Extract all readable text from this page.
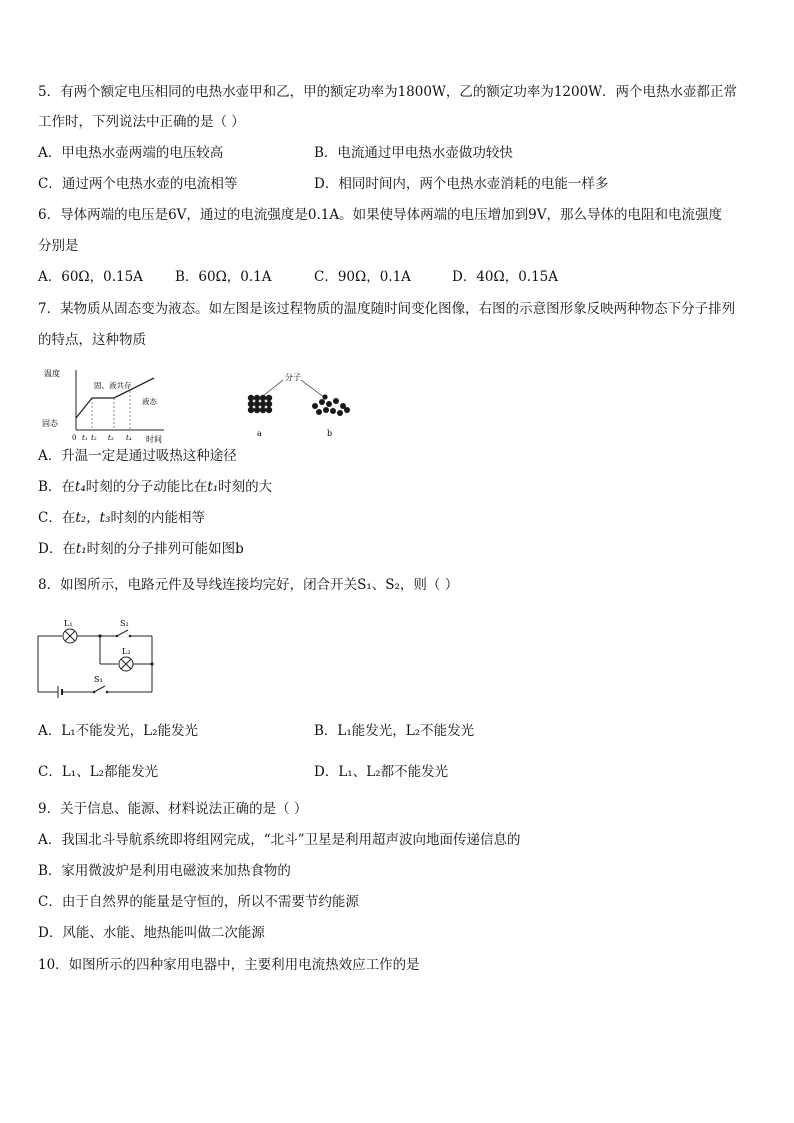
5．有两个额定电压相同的电热水壶甲和乙，甲的额定功率为1800W，乙的额定功率为1200W．两个电热水壶都正常
工作时，下列说法中正确的是（ ）
A．甲电热水壶两端的电压较高	B．电流通过甲电热水壶做功较快
C．通过两个电热水壶的电流相等	D．相同时间内，两个电热水壶消耗的电能一样多
6．导体两端的电压是6V，通过的电流强度是0.1A。如果使导体两端的电压增加到9V，那么导体的电阻和电流强度
分别是
A．60Ω，0.15A B．60Ω，0.1A	C．90Ω，0.1A	D．40Ω，0.15A
7．某物质从固态变为液态。如左图是该过程物质的温度随时间变化图像，右图的示意图形象反映两种物态下分子排列
的特点，这种物质
温度
固态
固、液共存
液态
0 t₁ t₂ t₃ t₄ 时间
分子
a	b
A．升温一定是通过吸热这种途径
B．在t₄时刻的分子动能比在t₁时刻的大
C．在t₂，t₃时刻的内能相等
D．在t₁时刻的分子排列可能如图b
8．如图所示，电路元件及导线连接均完好，闭合开关S₁、S₂，则（ ）
L₁	S₂
L₂
S₁
A．L₁不能发光，L₂能发光	B．L₁能发光，L₂不能发光
C．L₁、L₂都能发光	D．L₁、L₂都不能发光
9．关于信息、能源、材料说法正确的是（ ）
A．我国北斗导航系统即将组网完成，“北斗”卫星是利用超声波向地面传递信息的
B．家用微波炉是利用电磁波来加热食物的
C．由于自然界的能量是守恒的，所以不需要节约能源
D．风能、水能、地热能叫做二次能源
10．如图所示的四种家用电器中，主要利用电流热效应工作的是
